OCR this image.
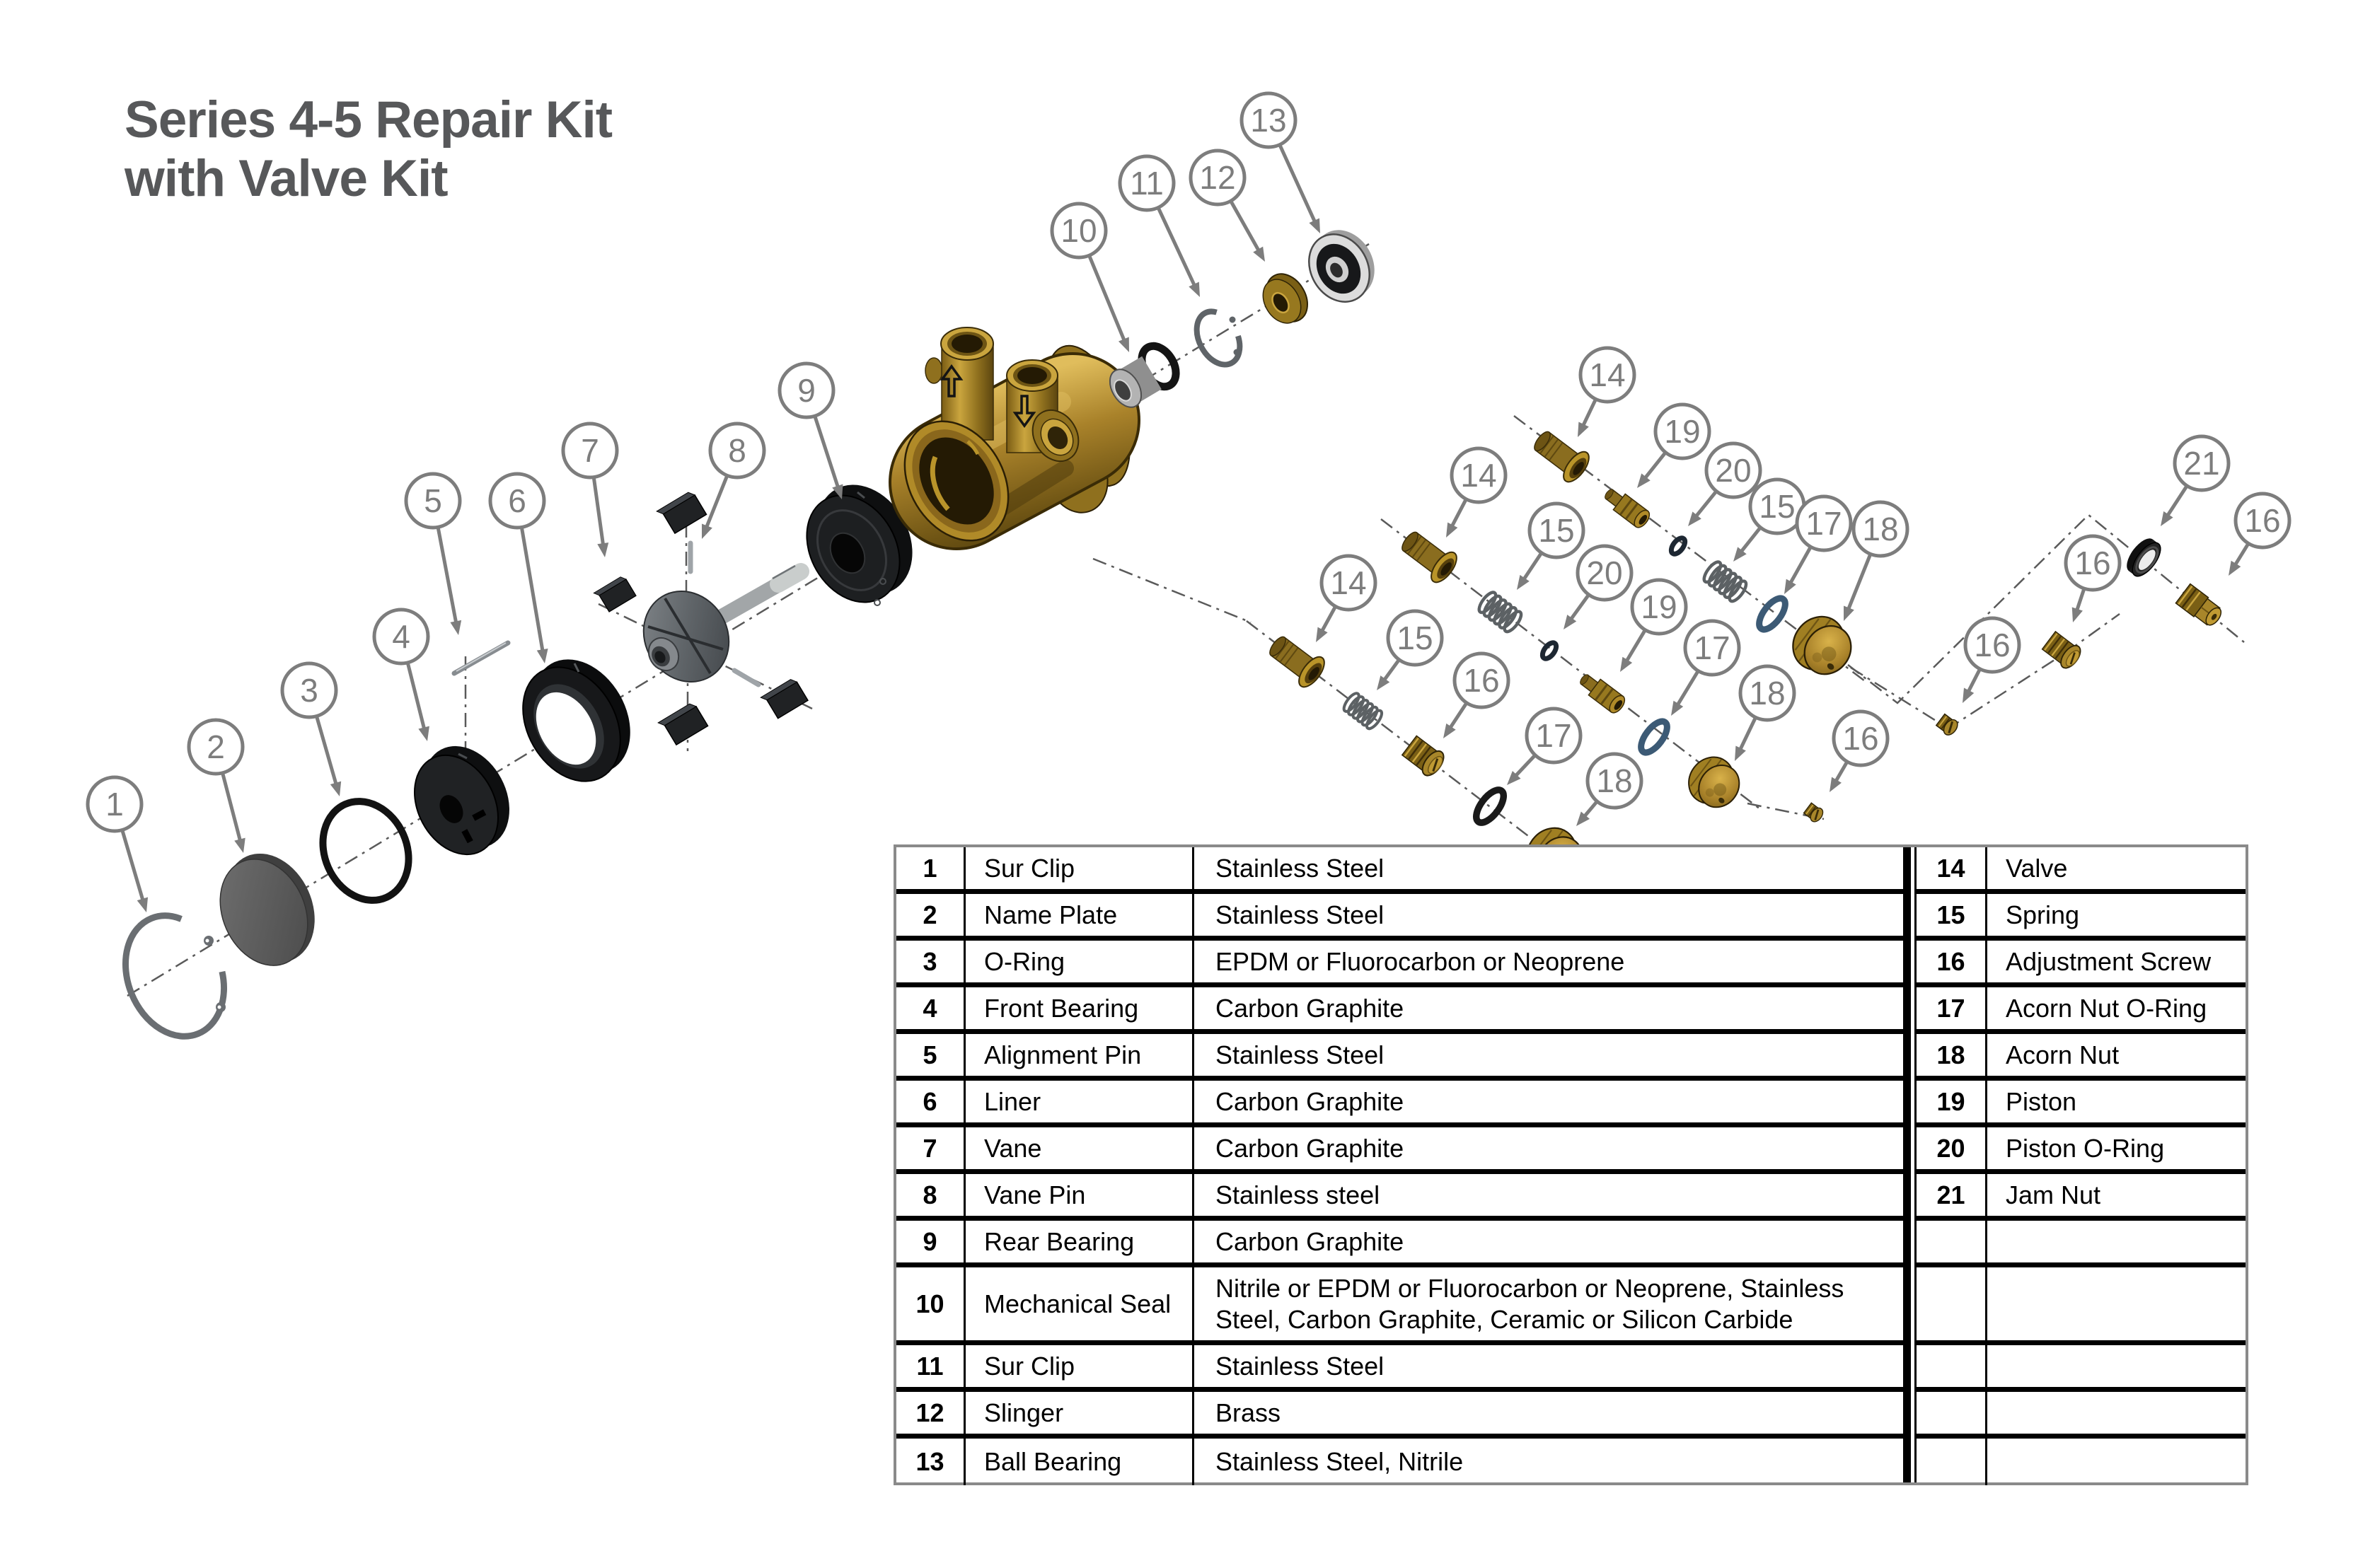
Series 4-5 Repair Kit
with Valve Kit
1
2
3
4
5 6
7	8
9
10
11 12
13
14
19
20
15 17 18
14
15
20
19
17
18
14
15
16
17
18
16
16
16
21
16
1	Sur Clip	Stainless Steel
2	Name Plate	Stainless Steel
3	O-Ring	EPDM or Fluorocarbon or Neoprene
4	Front Bearing	Carbon Graphite
5	Alignment Pin	Stainless Steel
6	Liner	Carbon Graphite
7	Vane	Carbon Graphite
8	Vane Pin	Stainless steel
9	Rear Bearing	Carbon Graphite
10	Mechanical Seal
Nitrile or EPDM or Fluorocarbon or Neoprene, Stainless Steel, Carbon Graphite, Ceramic or Silicon Carbide
11	Sur Clip	Stainless Steel
12	Slinger	Brass
13	Ball Bearing	Stainless Steel, Nitrile
14	Valve
15	Spring
16	Adjustment Screw
17	Acorn Nut O-Ring
18	Acorn Nut
19	Piston
20	Piston O-Ring
21	Jam Nut
